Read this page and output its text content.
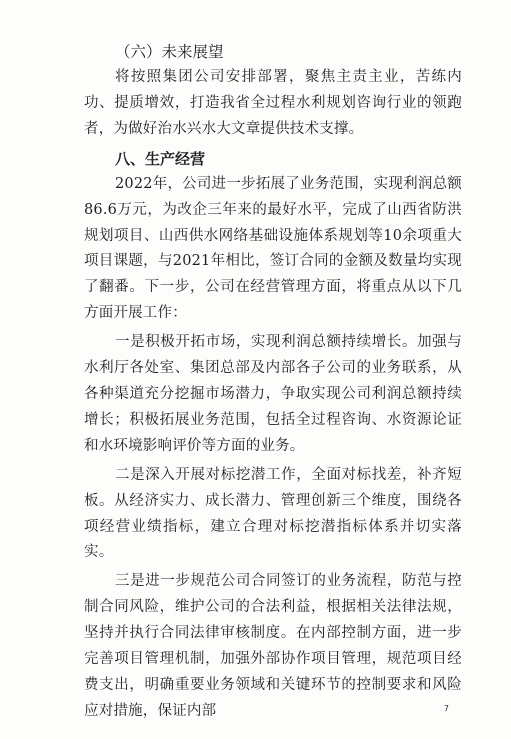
（六）未来展望

将按照集团公司安排部署，聚焦主责主业，苦练内功、提质增效，打造我省全过程水利规划咨询行业的领跑者，为做好治水兴水大文章提供技术支撑。

八、生产经营

2022年，公司进一步拓展了业务范围，实现利润总额86.6万元，为改企三年来的最好水平，完成了山西省防洪规划项目、山西供水网络基础设施体系规划等10余项重大项目课题，与2021年相比，签订合同的金额及数量均实现了翻番。下一步，公司在经营管理方面，将重点从以下几方面开展工作：

一是积极开拓市场，实现利润总额持续增长。加强与水利厅各处室、集团总部及内部各子公司的业务联系，从各种渠道充分挖掘市场潜力，争取实现公司利润总额持续增长；积极拓展业务范围，包括全过程咨询、水资源论证和水环境影响评价等方面的业务。

二是深入开展对标挖潜工作，全面对标找差，补齐短板。从经济实力、成长潜力、管理创新三个维度，围绕各项经营业绩指标，建立合理对标挖潜指标体系并切实落实。

三是进一步规范公司合同签订的业务流程，防范与控制合同风险，维护公司的合法利益，根据相关法律法规，坚持并执行合同法律审核制度。在内部控制方面，进一步完善项目管理机制，加强外部协作项目管理，规范项目经费支出，明确重要业务领域和关键环节的控制要求和风险应对措施，保证内部	7
